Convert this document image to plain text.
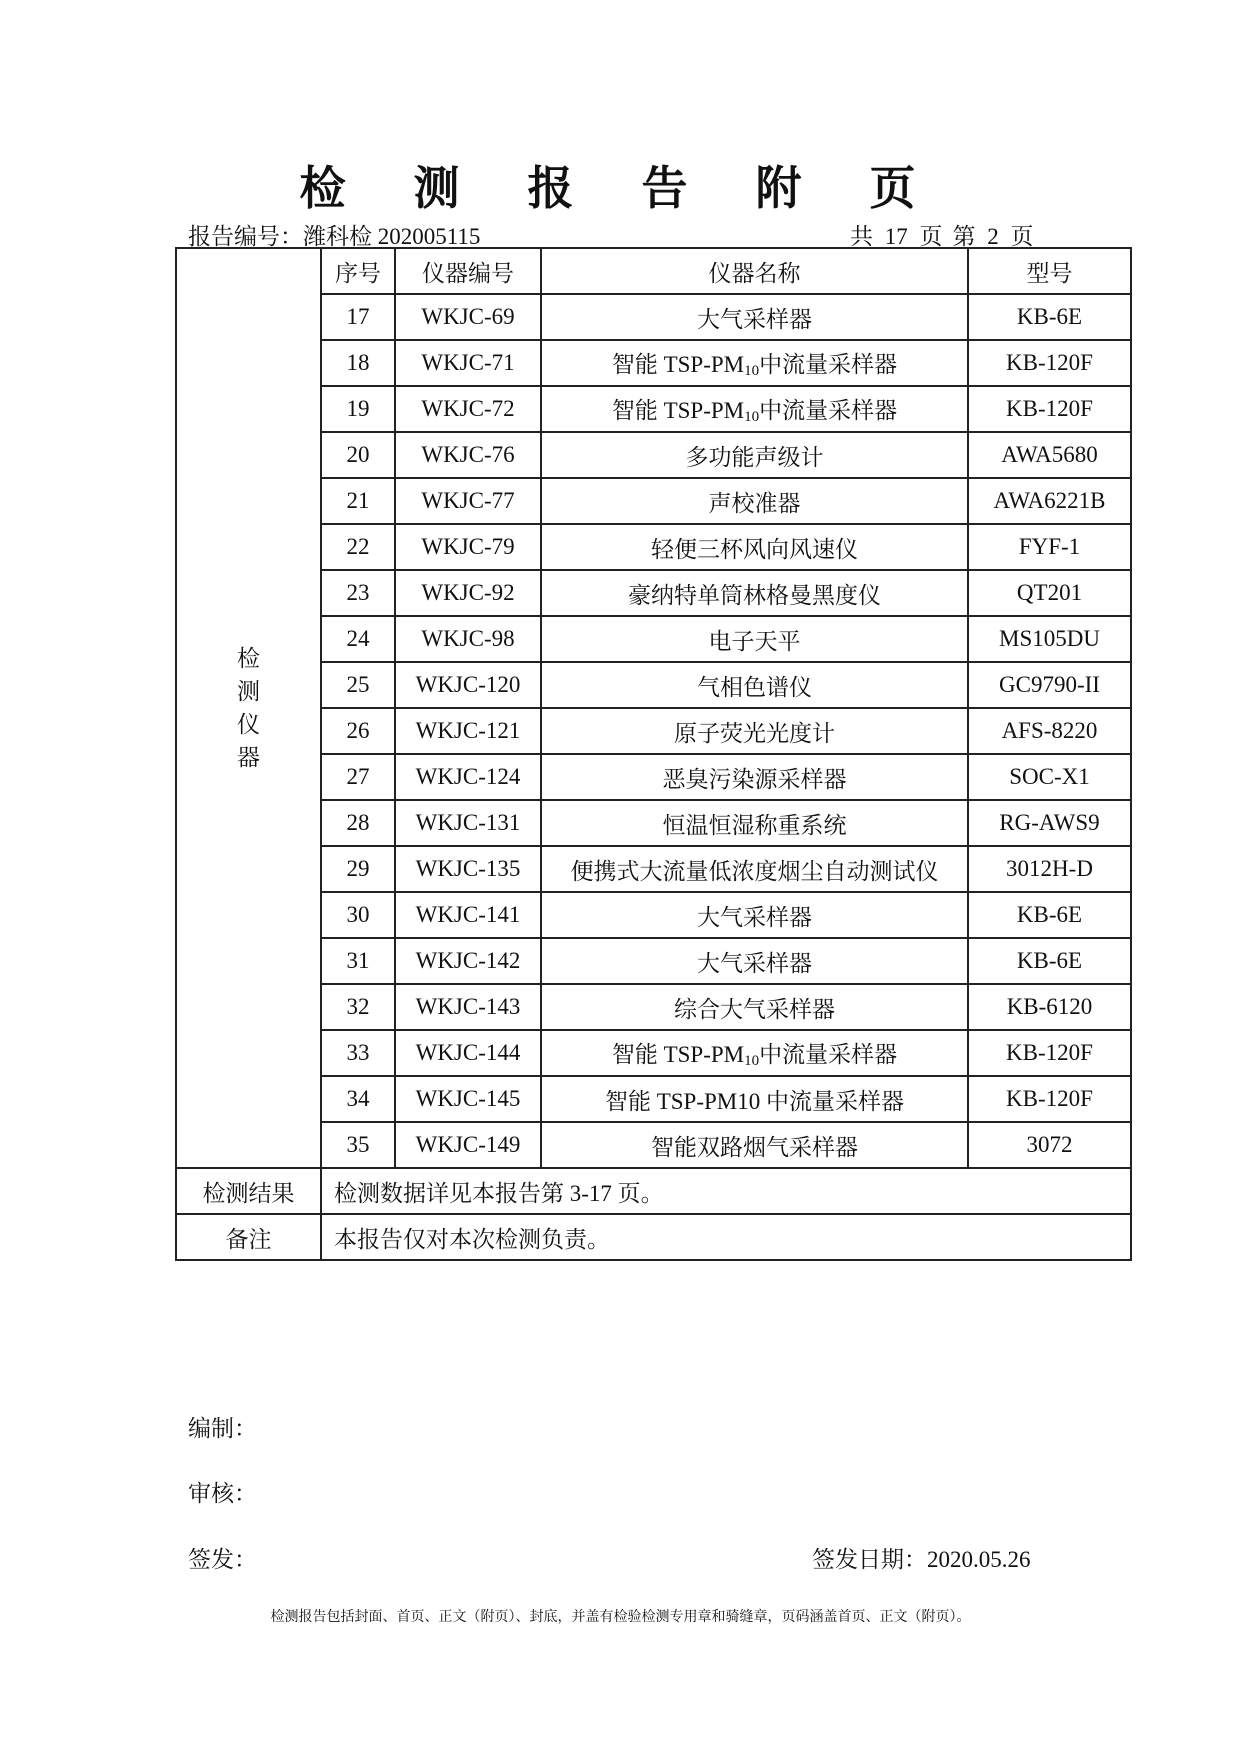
检 测 报 告 附 页
报告编号：潍科检 202005115	共 17 页 第 2 页
检
测
仪
器	序号	仪器编号	仪器名称	型号
	17	WKJC-69	大气采样器	KB-6E
	18	WKJC-71	智能 TSP-$PM_{10}$中流量采样器	KB-120F
	19	WKJC-72	智能 TSP-$PM_{10}$中流量采样器	KB-120F
	20	WKJC-76	多功能声级计	AWA5680
	21	WKJC-77	声校准器	AWA6221B
	22	WKJC-79	轻便三杯风向风速仪	FYF-1
	23	WKJC-92	豪纳特单筒林格曼黑度仪	QT201
	24	WKJC-98	电子天平	MS105DU
	25	WKJC-120	气相色谱仪	GC9790-II
	26	WKJC-121	原子荧光光度计	AFS-8220
	27	WKJC-124	恶臭污染源采样器	SOC-X1
	28	WKJC-131	恒温恒湿称重系统	RG-AWS9
	29	WKJC-135	便携式大流量低浓度烟尘自动测试仪	3012H-D
	30	WKJC-141	大气采样器	KB-6E
	31	WKJC-142	大气采样器	KB-6E
	32	WKJC-143	综合大气采样器	KB-6120
	33	WKJC-144	智能 TSP-$PM_{10}$中流量采样器	KB-120F
	34	WKJC-145	智能 TSP-PM10 中流量采样器	KB-120F
	35	WKJC-149	智能双路烟气采样器	3072
检测结果	检测数据详见本报告第 3-17 页。			
备注	本报告仅对本次检测负责。			
编制：
审核：
签发：	签发日期：2020.05.26
检测报告包括封面、首页、正文（附页）、封底，并盖有检验检测专用章和骑缝章，页码涵盖首页、正文（附页）。
